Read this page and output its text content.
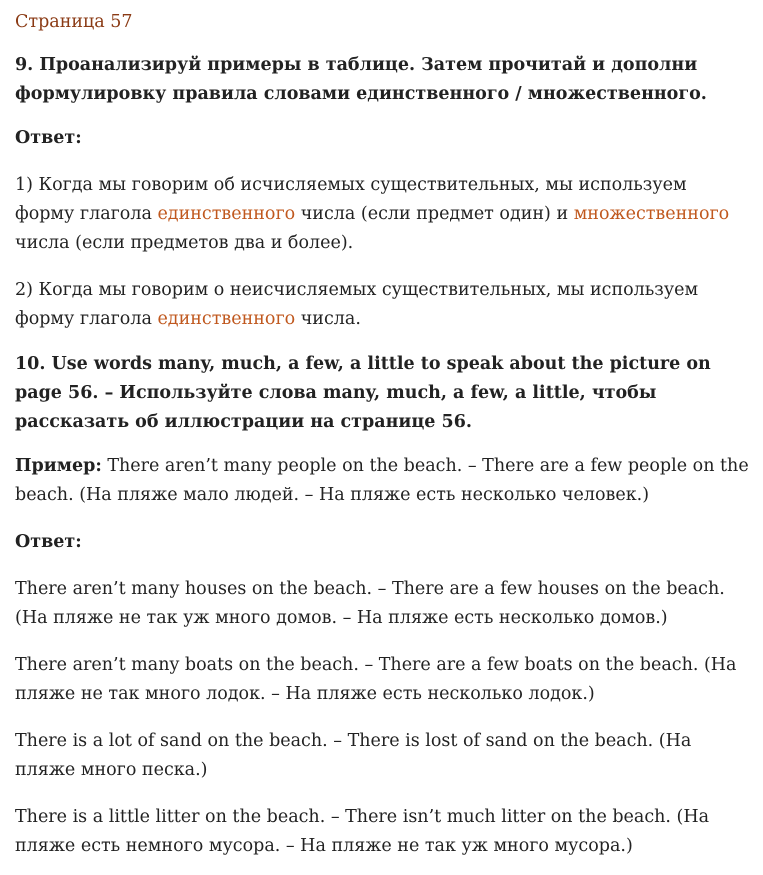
Страница 57
9. Проанализируй примеры в таблице. Затем прочитай и дополни формулировку правила словами единственного / множественного.
Ответ:

1) Когда мы говорим об исчисляемых существительных, мы используем форму глагола единственного числа (если предмет один) и множественного числа (если предметов два и более).

2) Когда мы говорим о неисчисляемых существительных, мы используем форму глагола единственного числа.

10. Use words many, much, a few, a little to speak about the picture on page 56. – Используйте слова many, much, a few, a little, чтобы рассказать об иллюстрации на странице 56.

Пример: There aren’t many people on the beach. – There are a few people on the beach. (На пляже мало людей. – На пляже есть несколько человек.)

Ответ:

There aren’t many houses on the beach. – There are a few houses on the beach. (На пляже не так уж много домов. – На пляже есть несколько домов.)

There aren’t many boats on the beach. – There are a few boats on the beach. (На пляже не так много лодок. – На пляже есть несколько лодок.)

There is a lot of sand on the beach. – There is lost of sand on the beach. (На пляже много песка.)

There is a little litter on the beach. – There isn’t much litter on the beach. (На пляже есть немного мусора. – На пляже не так уж много мусора.)
